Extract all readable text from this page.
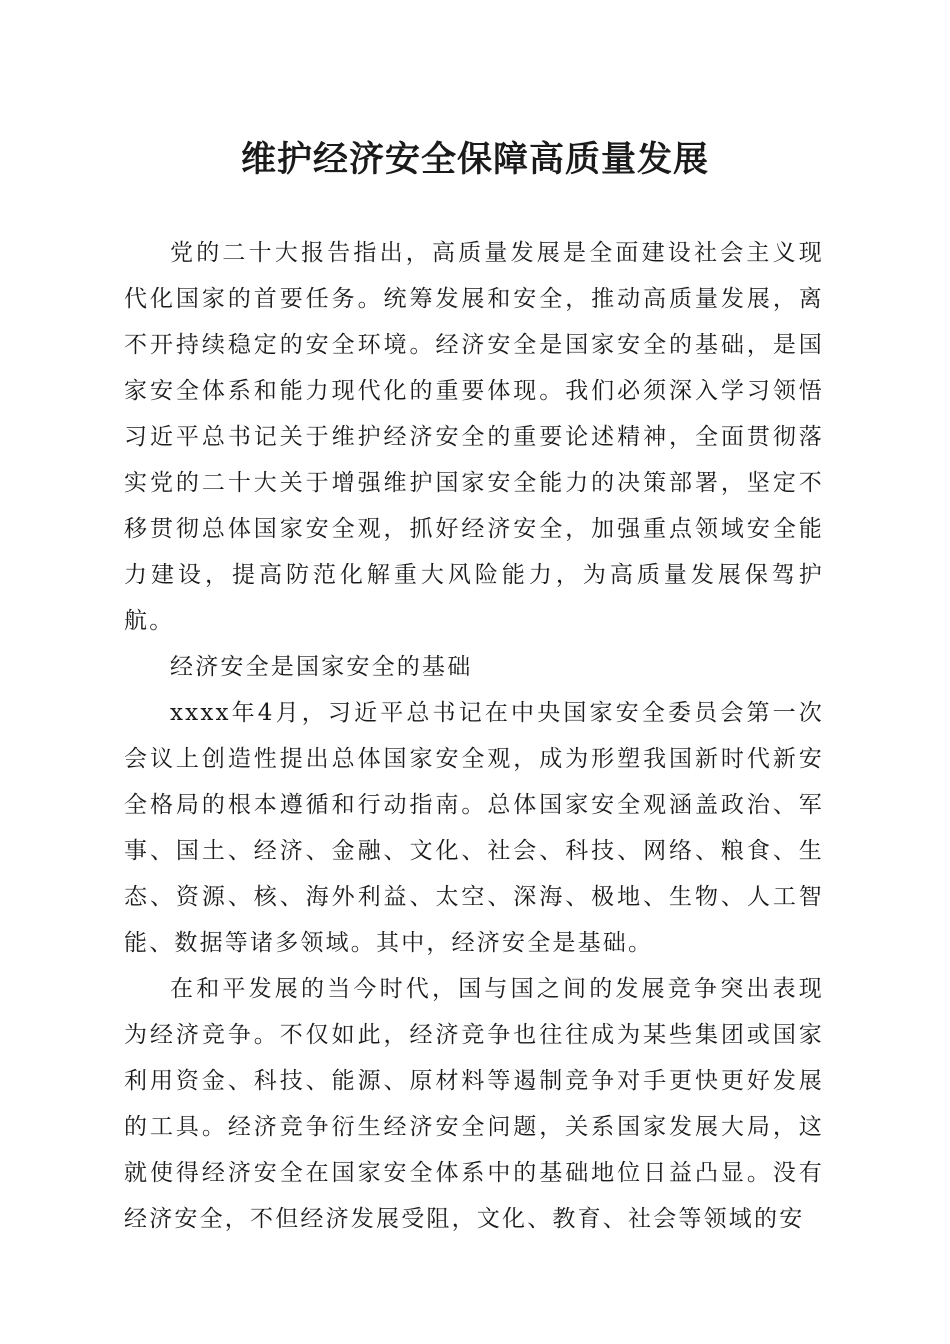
维护经济安全保障高质量发展

党的二十大报告指出，高质量发展是全面建设社会主义现代化国家的首要任务。统筹发展和安全，推动高质量发展，离不开持续稳定的安全环境。经济安全是国家安全的基础，是国家安全体系和能力现代化的重要体现。我们必须深入学习领悟习近平总书记关于维护经济安全的重要论述精神，全面贯彻落实党的二十大关于增强维护国家安全能力的决策部署，坚定不移贯彻总体国家安全观，抓好经济安全，加强重点领域安全能力建设，提高防范化解重大风险能力，为高质量发展保驾护航。

经济安全是国家安全的基础

xxxx年4月，习近平总书记在中央国家安全委员会第一次会议上创造性提出总体国家安全观，成为形塑我国新时代新安全格局的根本遵循和行动指南。总体国家安全观涵盖政治、军事、国土、经济、金融、文化、社会、科技、网络、粮食、生态、资源、核、海外利益、太空、深海、极地、生物、人工智能、数据等诸多领域。其中，经济安全是基础。

在和平发展的当今时代，国与国之间的发展竞争突出表现为经济竞争。不仅如此，经济竞争也往往成为某些集团或国家利用资金、科技、能源、原材料等遏制竞争对手更快更好发展的工具。经济竞争衍生经济安全问题，关系国家发展大局，这就使得经济安全在国家安全体系中的基础地位日益凸显。没有经济安全，不但经济发展受阻，文化、教育、社会等领域的安
